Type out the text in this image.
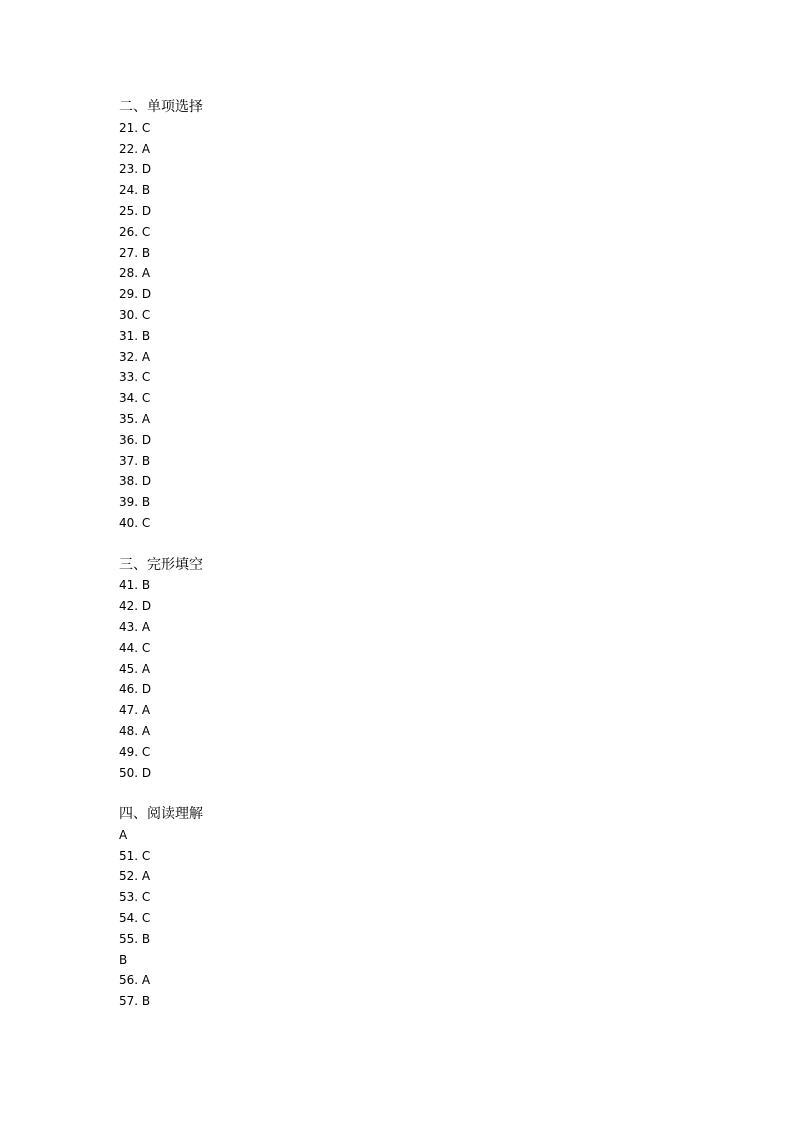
二、单项选择
21. C
22. A
23. D
24. B
25. D
26. C
27. B
28. A
29. D
30. C
31. B
32. A
33. C
34. C
35. A
36. D
37. B
38. D
39. B
40. C
三、完形填空
41. B
42. D
43. A
44. C
45. A
46. D
47. A
48. A
49. C
50. D
四、阅读理解
A
51. C
52. A
53. C
54. C
55. B
B
56. A
57. B
